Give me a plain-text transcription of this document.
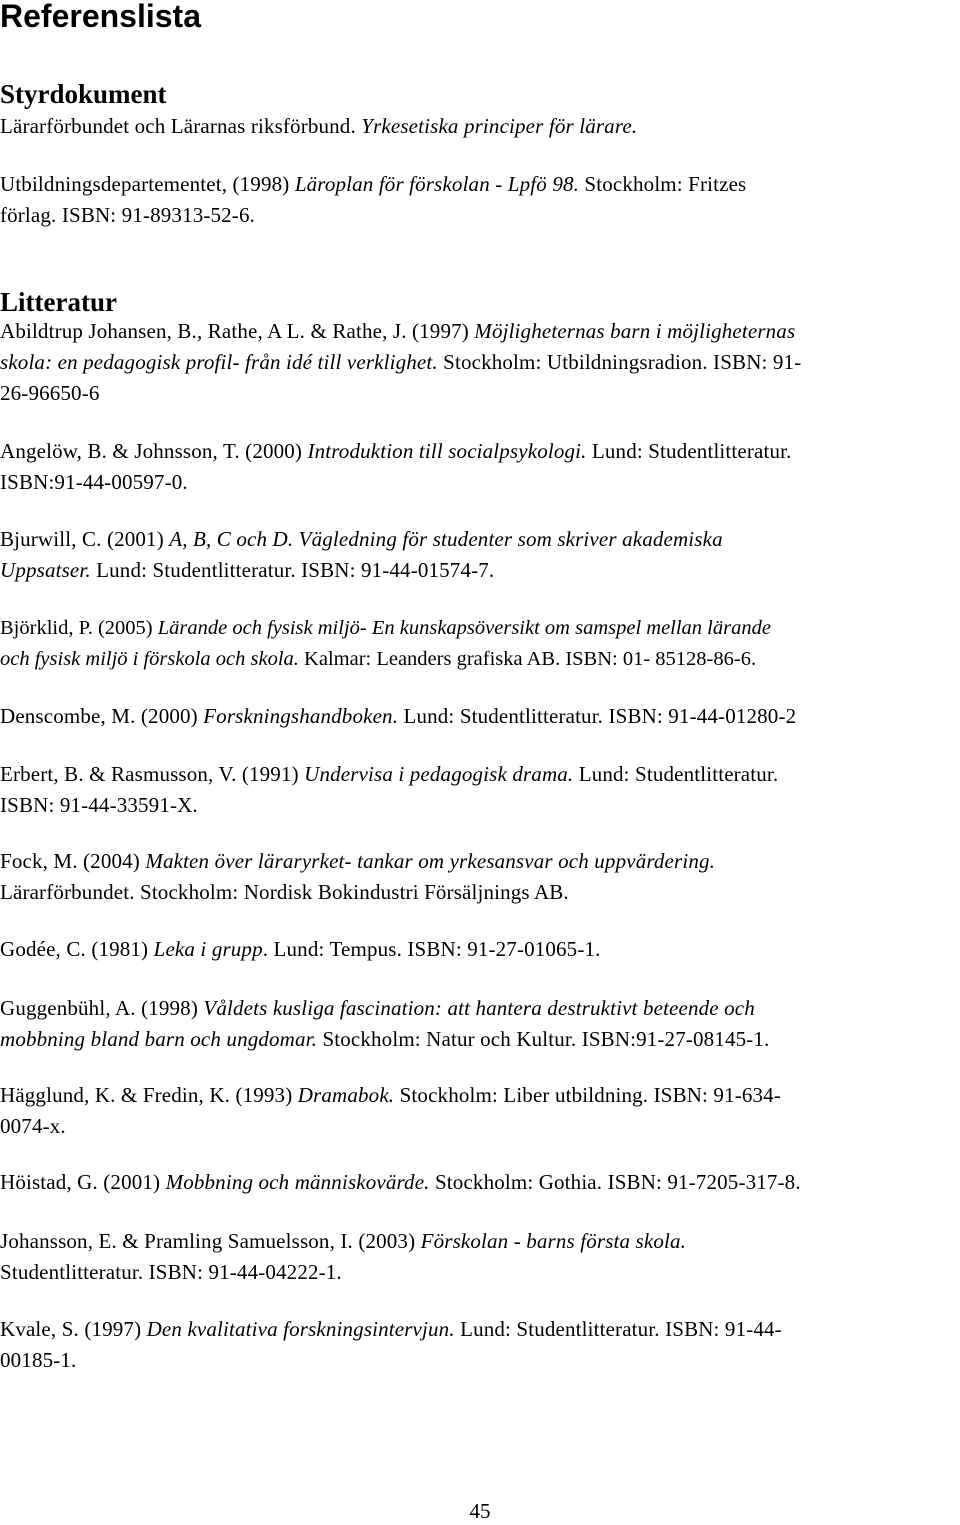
Referenslista
Styrdokument

Lärarförbundet och Lärarnas riksförbund. Yrkesetiska principer för lärare.

Utbildningsdepartementet, (1998) Läroplan för förskolan - Lpfö 98. Stockholm: Fritzes
förlag. ISBN: 91-89313-52-6.

Litteratur

Abildtrup Johansen, B., Rathe, A L. & Rathe, J. (1997) Möjligheternas barn i möjligheternas
skola: en pedagogisk profil- från idé till verklighet. Stockholm: Utbildningsradion. ISBN: 91-
26-96650-6

Angelöw, B. & Johnsson, T. (2000) Introduktion till socialpsykologi. Lund: Studentlitteratur.
ISBN:91-44-00597-0.

Bjurwill, C. (2001) A, B, C och D. Vägledning för studenter som skriver akademiska
Uppsatser. Lund: Studentlitteratur. ISBN: 91-44-01574-7.

Björklid, P. (2005) Lärande och fysisk miljö- En kunskapsöversikt om samspel mellan lärande
och fysisk miljö i förskola och skola. Kalmar: Leanders grafiska AB. ISBN: 01- 85128-86-6.

Denscombe, M. (2000) Forskningshandboken. Lund: Studentlitteratur. ISBN: 91-44-01280-2

Erbert, B. & Rasmusson, V. (1991) Undervisa i pedagogisk drama. Lund: Studentlitteratur.
ISBN: 91-44-33591-X.

Fock, M. (2004) Makten över läraryrket- tankar om yrkesansvar och uppvärdering.
Lärarförbundet. Stockholm: Nordisk Bokindustri Försäljnings AB.

Godée, C. (1981) Leka i grupp. Lund: Tempus. ISBN: 91-27-01065-1.

Guggenbühl, A. (1998) Våldets kusliga fascination: att hantera destruktivt beteende och
mobbning bland barn och ungdomar. Stockholm: Natur och Kultur. ISBN:91-27-08145-1.

Hägglund, K. & Fredin, K. (1993) Dramabok. Stockholm: Liber utbildning. ISBN: 91-634-
0074-x.

Höistad, G. (2001) Mobbning och människovärde. Stockholm: Gothia. ISBN: 91-7205-317-8.

Johansson, E. & Pramling Samuelsson, I. (2003) Förskolan - barns första skola.
Studentlitteratur. ISBN: 91-44-04222-1.

Kvale, S. (1997) Den kvalitativa forskningsintervjun. Lund: Studentlitteratur. ISBN: 91-44-
00185-1.

45
